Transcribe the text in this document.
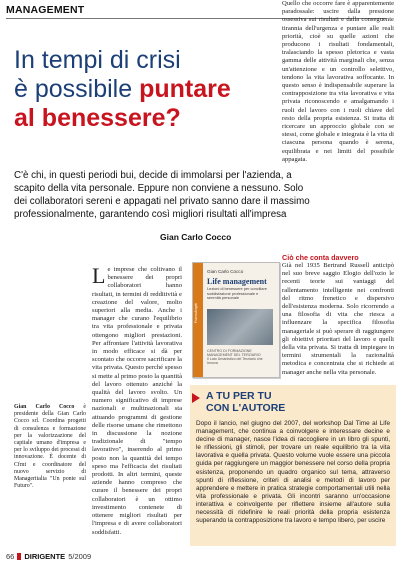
MANAGEMENT
In tempi di crisi
è possibile puntare
al benessere?
C'è chi, in questi periodi bui, decide di immolarsi per l'azienda, a scapito della vita personale. Eppure non conviene a nessuno. Solo dei collaboratori sereni e appagati nel privato sanno dare il massimo professionalmente, garantendo così migliori risultati all'impresa
Gian Carlo Cocco
Quello che occorre fare è apparentemente paradossale: uscire dalla pressione ossessiva sui risultati e dalla conseguente tirannia dell'urgenza e puntare alle reali priorità, cioè su quelle azioni che producono i risultati fondamentali, tralasciando la spesso pletorica e vasta gamma delle attività marginali che, senza un'attenzione e un controllo selettivo, tendono la vita lavorativa soffocante. In questo senso è indispensabile superare la contrapposizione tra vita lavorativa e vita privata riconoscendo e amalgamando i ruoli del lavoro con i ruoli chiave del resto della propria esistenza. Si tratta di ricercare un approccio globale con se stessi, come globale e integrata è la vita di ciascuna persona quando è serena, equilibrata e nei limiti del possibile appagata.
Le imprese che coltivano il benessere dei propri collaboratori hanno risultati, in termini di redditività e creazione del valore, molto superiori alla media. Anche i manager che curano l'equilibrio tra vita professionale e privata ottengono migliori prestazioni. Per affrontare l'attività lavorativa in modo efficace si dà per scontato che occorre sacrificare la vita privata. Questo perché spesso si mette al primo posto la quantità del lavoro ottenuto anziché la qualità del lavoro svolto. Un numero significativo di imprese nazionali e multinazionali sta attuando programmi di gestione delle risorse umane che rimettono in discussione la nozione tradizionale di "tempo lavorativo", inserendo al primo posto non la quantità del tempo speso ma l'efficacia dei risultati prodotti. In altri termini, queste aziende hanno compreso che curare il benessere dei propri collaboratori è un ottimo investimento contenete di ottenere migliori risultati per l'impresa e di avere collaboratori soddisfatti.
FrancoAngeli
Gian Carlo Cocco
Life management
Lezioni di benessere per conciliare soddisfazione professionale e serenità personale
CENTRO DI FORMAZIONE MANAGEMENT DEL TERZIARIO
Il Lato Umanistico del Terziario che Innova
Ciò che conta davvero
Già nel 1935 Bertrand Russell anticipò nel suo breve saggio Elogio dell'ozio le recenti teorie sui vantaggi del rallentamento intelligente nei confronti del ritmo frenetico e dispersivo dell'esistenza moderna. Solo ricorrendo a una filosofia di vita che riesca a influenzare la specifica filosofia manageriale si può sperare di raggiungere gli obiettivi prioritari del lavoro e quelli della vita privata. Si tratta di impiegare in termini strumentali la razionalità metodica e concentrata che si richiede ai manager anche nella vita personale.
Gian Carlo Cocco è presidente della Gian Carlo Cocco srl. Coordina progetti di consulenza e formazione per la valorizzazione del capitale umano d'impresa e per lo sviluppo dei processi di innovazione. È docente di Cfmt e coordinatore del nuovo servizio di Manageritalia "Un ponte sul Futuro".
A TU PER TU
CON L'AUTORE
Dopo il lancio, nel giugno del 2007, del workshop Dal Time al Life management, che continua a coinvolgere e interessare decine e decine di manager, nasce l'idea di raccogliere in un libro gli spunti, le riflessioni, gli stimoli, per trovare un reale equilibrio tra la vita lavorativa e quella privata. Questo volume vuole essere una piccola guida per raggiungere un maggior benessere nel corso della propria esistenza, proponendo un quadro organico sul tema, attraverso spunti di riflessione, criteri di analisi e metodi di lavoro per apprendere e mettere in pratica strategie comportamentali utili nella vita professionale e privata. Gli incontri saranno un'occasione interattiva e coinvolgente per riflettere insieme all'autore sulla necessità di ridefinire le reali priorità della propria esistenza superando la contrapposizione tra lavoro e tempo libero, per uscire
66 DIRIGENTE 5/2009
